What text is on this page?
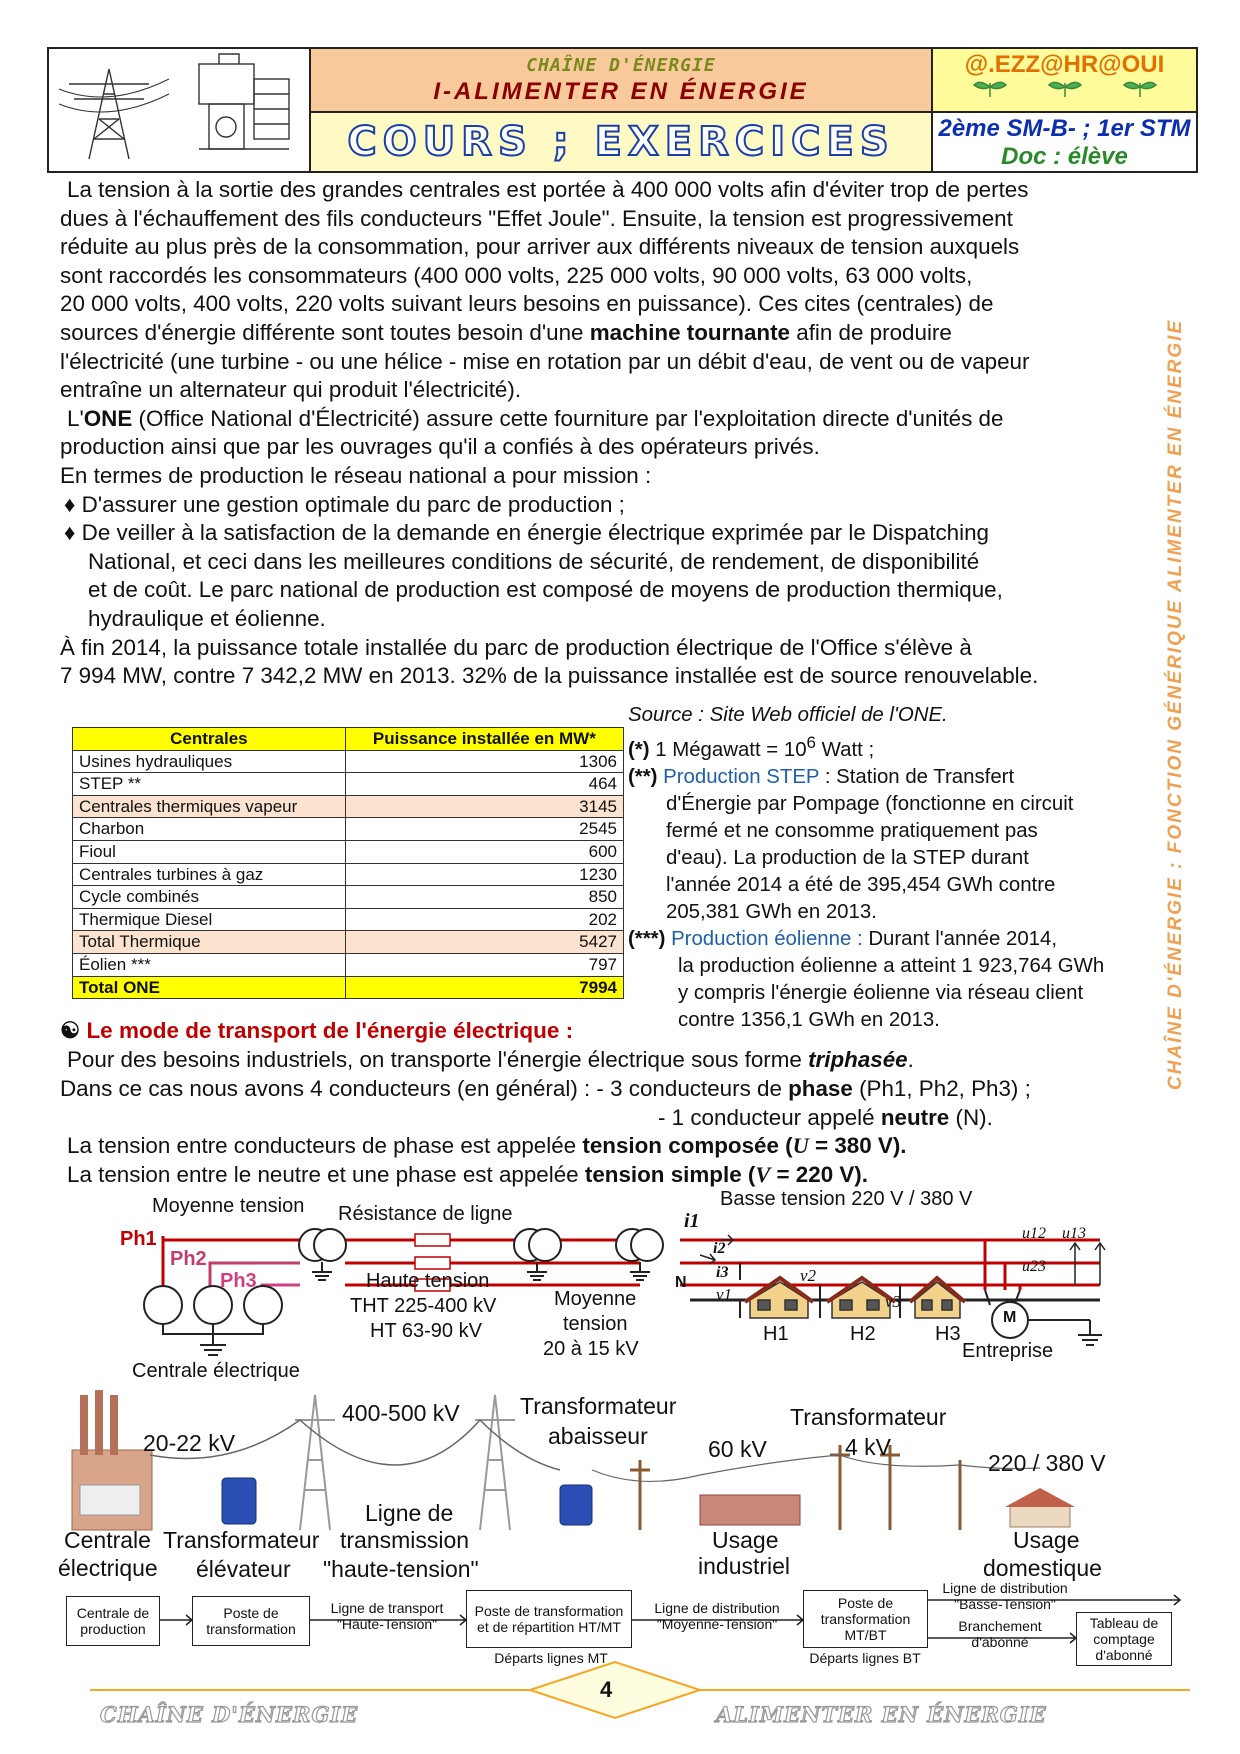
CHAÎNE D'ÉNERGIE
I-ALIMENTER EN ÉNERGIE
COURS ; EXERCICES
@.EZZ@HR@OUI
2ème SM-B- ; 1er STM
Doc : élève
CHAÎNE D'ÉNERGIE : FONCTION GÉNÉRIQUE ALIMENTER EN ÉNERGIE

La tension à la sortie des grandes centrales est portée à 400 000 volts afin d'éviter trop de pertes

dues à l'échauffement des fils conducteurs "Effet Joule". Ensuite, la tension est progressivement

réduite au plus près de la consommation, pour arriver aux différents niveaux de tension auxquels

sont raccordés les consommateurs (400 000 volts, 225 000 volts, 90 000 volts, 63 000 volts,

20 000 volts, 400 volts, 220 volts suivant leurs besoins en puissance). Ces cites (centrales) de

sources d'énergie différente sont toutes besoin d'une machine tournante afin de produire

l'électricité (une turbine - ou une hélice - mise en rotation par un débit d'eau, de vent ou de vapeur

entraîne un alternateur qui produit l'électricité).

L'ONE (Office National d'Électricité) assure cette fourniture par l'exploitation directe d'unités de

production ainsi que par les ouvrages qu'il a confiés à des opérateurs privés.

En termes de production le réseau national a pour mission :

♦ D'assurer une gestion optimale du parc de production ;

♦ De veiller à la satisfaction de la demande en énergie électrique exprimée par le Dispatching

National, et ceci dans les meilleures conditions de sécurité, de rendement, de disponibilité

et de coût. Le parc national de production est composé de moyens de production thermique,

hydraulique et éolienne.

À fin 2014, la puissance totale installée du parc de production électrique de l'Office s'élève à

7 994 MW, contre 7 342,2 MW en 2013. 32% de la puissance installée est de source renouvelable.

Centrales	Puissance installée en MW*
Usines hydrauliques	1306
STEP **	464
Centrales thermiques vapeur	3145
Charbon	2545
Fioul	600
Centrales turbines à gaz	1230
Cycle combinés	850
Thermique Diesel	202
Total Thermique	5427
Éolien ***	797
Total ONE	7994

Source : Site Web officiel de l'ONE.

(*) 1 Mégawatt = $10^6$ Watt ;

(**) Production STEP : Station de Transfert

d'Énergie par Pompage (fonctionne en circuit

fermé et ne consomme pratiquement pas

d'eau). La production de la STEP durant

l'année 2014 a été de 395,454 GWh contre

205,381 GWh en 2013.

(***) Production éolienne : Durant l'année 2014,

la production éolienne a atteint 1 923,764 GWh

y compris l'énergie éolienne via réseau client

contre 1356,1 GWh en 2013.

☯ Le mode de transport de l'énergie électrique :

Pour des besoins industriels, on transporte l'énergie électrique sous forme triphasée.

Dans ce cas nous avons 4 conducteurs (en général) : - 3 conducteurs de phase (Ph1, Ph2, Ph3) ;

- 1 conducteur appelé neutre (N).

La tension entre conducteurs de phase est appelée tension composée (U = 380 V).

La tension entre le neutre et une phase est appelée tension simple (V = 220 V).

Moyenne tension Résistance de ligne
Basse tension 220 V / 380 V
Ph1
Ph2
Ph3	Haute tension
THT 225-400 kV
HT 63-90 kV
Moyenne
tension
20 à 15 kV
N
i1
i2
i3
v1
v2
v3
u12 u13
u23
H1	H2	H3
M
Entreprise
Centrale électrique
20-22 kV
400-500 kV	Transformateur
abaisseur	60 kV
Transformateur
4 kV
220 / 380 V
Ligne de
Centrale Transformateur transmission	Usage	Usage
électrique élévateur "haute-tension"	industriel	domestique
Centrale de production
Poste de transformation
Ligne de transport
"Haute-Tension"
Poste de transformation et de répartition HT/MT
Départs lignes MT
Ligne de distribution
"Moyenne-Tension"
Poste de transformation MT/BT
Départs lignes BT
Ligne de distribution
"Basse-Tension"
Branchement
d'abonné
Tableau de comptage d'abonné
CHAÎNE D'ÉNERGIE
4
ALIMENTER EN ÉNERGIE
